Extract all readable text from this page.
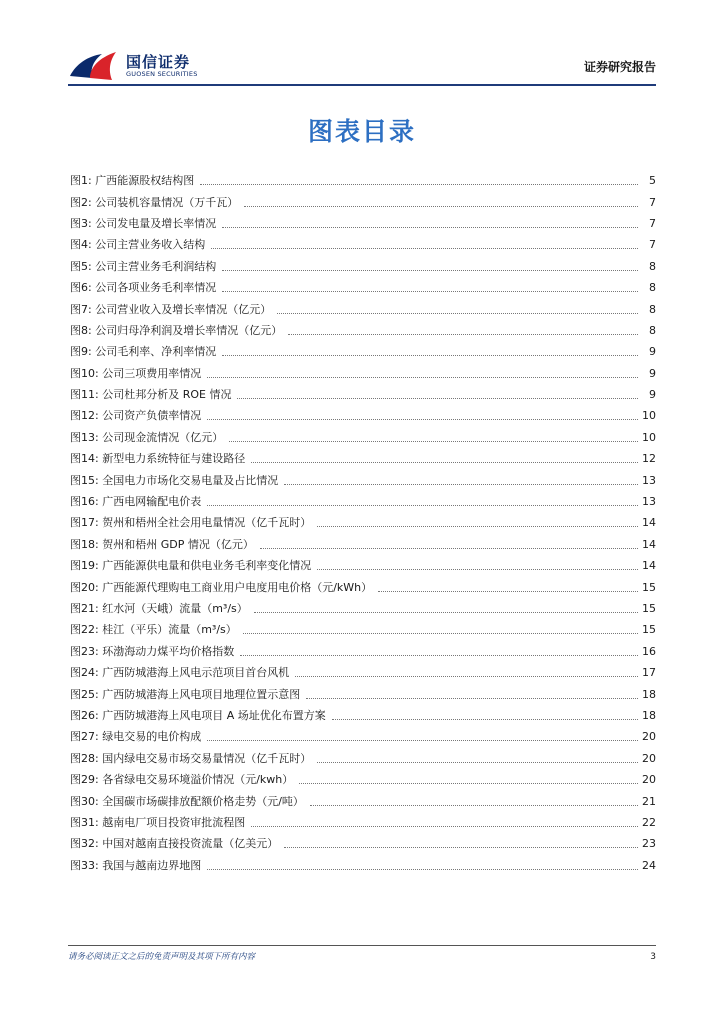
国信证券
GUOSEN SECURITIES	证券研究报告
图表目录
图1: 广西能源股权结构图	5
图2: 公司装机容量情况（万千瓦）	7
图3: 公司发电量及增长率情况	7
图4: 公司主营业务收入结构	7
图5: 公司主营业务毛利润结构	8
图6: 公司各项业务毛利率情况	8
图7: 公司营业收入及增长率情况（亿元）	8
图8: 公司归母净利润及增长率情况（亿元）	8
图9: 公司毛利率、净利率情况	9
图10: 公司三项费用率情况	9
图11: 公司杜邦分析及 ROE 情况	9
图12: 公司资产负债率情况	10
图13: 公司现金流情况（亿元）	10
图14: 新型电力系统特征与建设路径	12
图15: 全国电力市场化交易电量及占比情况	13
图16: 广西电网输配电价表	13
图17: 贺州和梧州全社会用电量情况（亿千瓦时）	14
图18: 贺州和梧州 GDP 情况（亿元）	14
图19: 广西能源供电量和供电业务毛利率变化情况	14
图20: 广西能源代理购电工商业用户电度用电价格（元/kWh）	15
图21: 红水河（天峨）流量（m³/s）	15
图22: 桂江（平乐）流量（m³/s）	15
图23: 环渤海动力煤平均价格指数	16
图24: 广西防城港海上风电示范项目首台风机	17
图25: 广西防城港海上风电项目地理位置示意图	18
图26: 广西防城港海上风电项目 A 场址优化布置方案	18
图27: 绿电交易的电价构成	20
图28: 国内绿电交易市场交易量情况（亿千瓦时）	20
图29: 各省绿电交易环境溢价情况（元/kwh）	20
图30: 全国碳市场碳排放配额价格走势（元/吨）	21
图31: 越南电厂项目投资审批流程图	22
图32: 中国对越南直接投资流量（亿美元）	23
图33: 我国与越南边界地图	24
请务必阅读正文之后的免责声明及其项下所有内容	3
